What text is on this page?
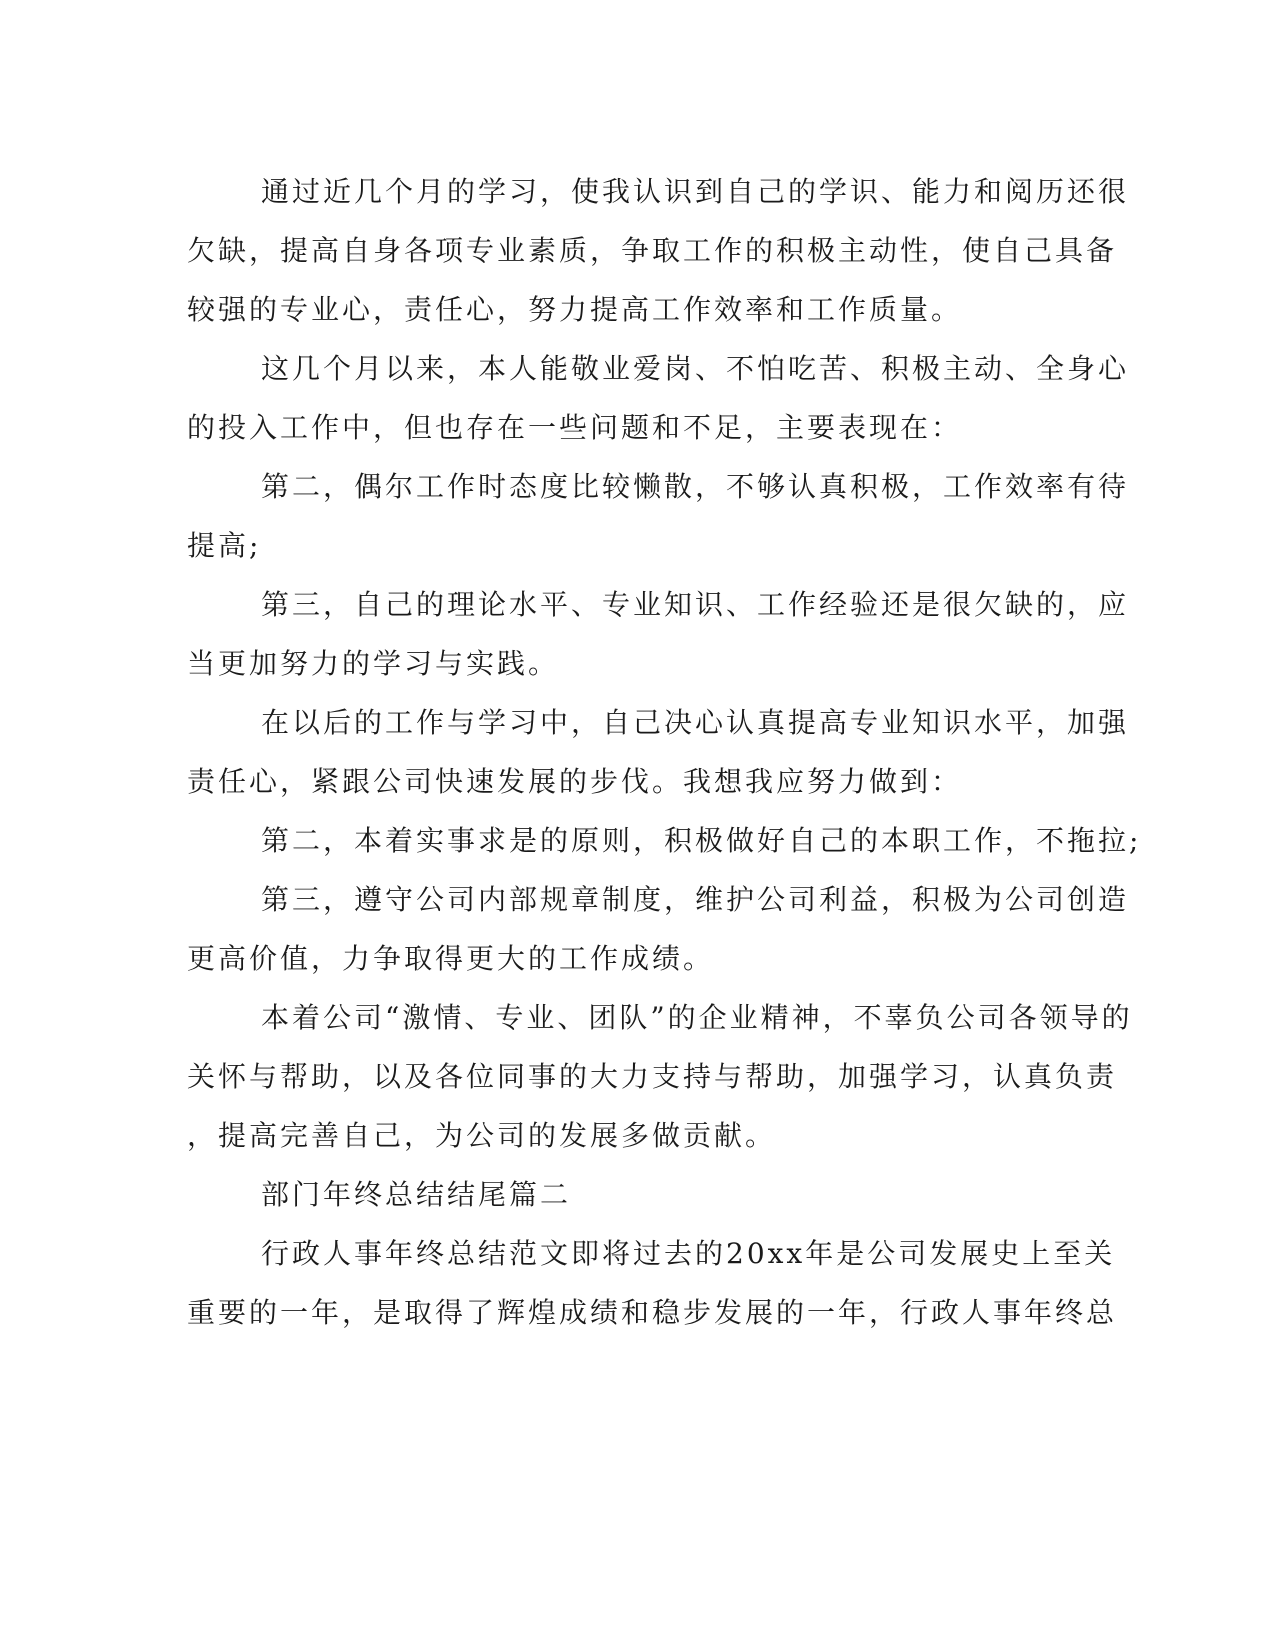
通过近几个月的学习，使我认识到自己的学识、能力和阅历还很
欠缺，提高自身各项专业素质，争取工作的积极主动性，使自己具备
较强的专业心，责任心，努力提高工作效率和工作质量。
这几个月以来，本人能敬业爱岗、不怕吃苦、积极主动、全身心
的投入工作中，但也存在一些问题和不足，主要表现在：
第二，偶尔工作时态度比较懒散，不够认真积极，工作效率有待
提高;
第三，自己的理论水平、专业知识、工作经验还是很欠缺的，应
当更加努力的学习与实践。
在以后的工作与学习中，自己决心认真提高专业知识水平，加强
责任心，紧跟公司快速发展的步伐。我想我应努力做到：
第二，本着实事求是的原则，积极做好自己的本职工作，不拖拉;
第三，遵守公司内部规章制度，维护公司利益，积极为公司创造
更高价值，力争取得更大的工作成绩。
本着公司“激情、专业、团队”的企业精神，不辜负公司各领导的
关怀与帮助，以及各位同事的大力支持与帮助，加强学习，认真负责
，提高完善自己，为公司的发展多做贡献。
部门年终总结结尾篇二
行政人事年终总结范文即将过去的20xx年是公司发展史上至关
重要的一年，是取得了辉煌成绩和稳步发展的一年，行政人事年终总
